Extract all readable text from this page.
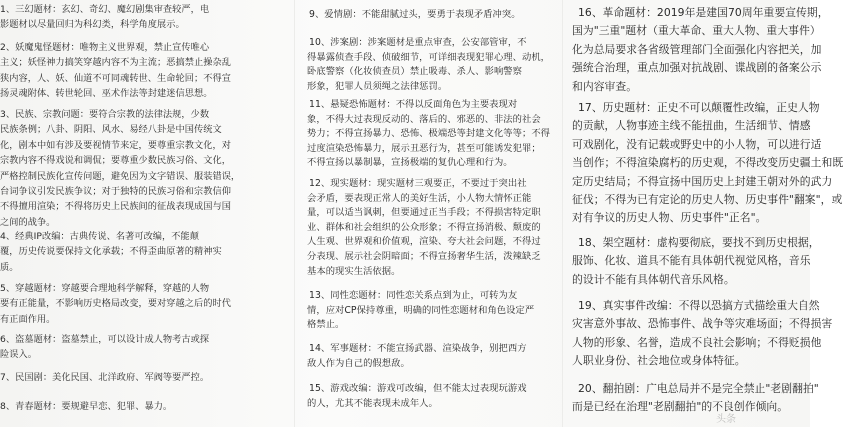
1、三幻题材：玄幻、奇幻、魔幻剧集审查较严，电
影题材以尽量回归为科幻类，科学角度展示。
2、妖魔鬼怪题材：唯物主义世界观，禁止宣传唯心
主义；妖怪神力搞笑穿越内容不为主流；恶搞禁止操杂乱
狭内容，人、妖、仙道不可同魂转世、生命轮回；不得宣
扬灵魂附体、转世轮回、巫术作法等封建迷信思想。
3、民族、宗教问题：要符合宗教的法律法规，少数
民族条例；八卦、阴阳、风水、易经八卦是中国传统文
化，剧本中如有涉及要视情节来定，要尊重宗教文化，对
宗教内容不得戏说和调侃；要尊重少数民族习俗、文化，
严格控制民族化宣传问题，避免因为文字错误、服装错误，
台词争议引发民族争议；对于独特的民族习俗和宗教信仰
不得擅用渲染；不得将历史上民族间的征战表现成国与国
之间的战争。
4、经典IP改编：古典传说、名著可改编，不能颠
覆，历史传说要保持文化承载；不得歪曲原著的精神实
质。
5、穿越题材：穿越要合理地科学解释，穿越的人物
要有正能量，不影响历史格局改变，要对穿越之后的时代
有正面作用。
6、盗墓题材：盗墓禁止，可以设计成人物考古或探
险误入。
7、民国剧：美化民国、北洋政府、军阀等要严控。
8、青春题材：要规避早恋、犯罪、暴力。
9、爱情剧：不能甜腻过头，要勇于表现矛盾冲突。
10、涉案剧：涉案题材是重点审查，公安部管审，不
得暴露侦查手段、侦破细节，可详细表现犯罪心理、动机，
卧底警察（化妆侦查员）禁止吸毒、杀人、影响警察
形象，犯罪人员须绳之法律惩罚。
11、悬疑恐怖题材：不得以反面角色为主要表现对
象，不得大过表现反动的、落后的、邪恶的、非法的社会
势力；不得宣扬暴力、恐怖、极端恐等封建文化等等；不得
过度渲染恐怖暴力，展示丑恶行为，甚至可能诱发犯罪；
不得宣扬以暴制暴，宣扬极端的复仇心理和行为。
12、现实题材：现实题材三观要正，不要过于突出社
会矛盾，要表现正常人的美好生活，小人物大情怀正能
量，可以适当讽刺，但要通过正当手段；不得损害特定职
业、群体和社会组织的公众形象；不得宣扬消极、颓废的
人生观、世界观和价值观，渲染、夸大社会问题，不得过
分表现、展示社会阴暗面；不得宣扬奢华生活，泼辣缺乏
基本的现实生活依据。
13、同性恋题材：同性恋关系点到为止，可转为友
情，应对CP保持尊重，明确的同性恋题材和角色设定严
格禁止。
14、军事题材：不能宣扬武器、渲染战争，别把西方
敌人作为自己的假想敌。
15、游戏改编：游戏可改编，但不能太过表现玩游戏
的人，尤其不能表现未成年人。
16、革命题材：2019年是建国70周年重要宣传期，
国为"三重"题材（重大革命、重大人物、重大事件）
化为总局要求各省级管理部门全面强化内容把关，加
强统合治理，重点加强对抗战剧、谍战剧的备案公示
和内容审查。
17、历史题材：正史不可以颠覆性改编，正史人物
的贡献，人物事迹主线不能扭曲，生活细节、情感
可戏剧化，没有记载或野史中的小人物，可以进行适
当创作；不得渲染腐朽的历史观，不得改变历史疆土和既
定历史结局；不得宣扬中国历史上封建王朝对外的武力
征伐；不得为已有定论的历史人物、历史事件"翻案"，或
对有争议的历史人物、历史事件"正名"。
18、架空题材：虚构要彻底，要找不到历史根据，
服饰、化妆、道具不能有具体朝代视觉风格，音乐
的设计不能有具体朝代音乐风格。
19、真实事件改编：不得以恐搞方式描绘重大自然
灾害意外事故、恐怖事件、战争等灾难场面；不得损害
人物的形象、名誉，造成不良社会影响；不得贬损他
人职业身份、社会地位或身体特征。
20、翻拍剧：广电总局并不是完全禁止"老剧翻拍"
而是已经在治理"老剧翻拍"的不良创作倾向。
头条
